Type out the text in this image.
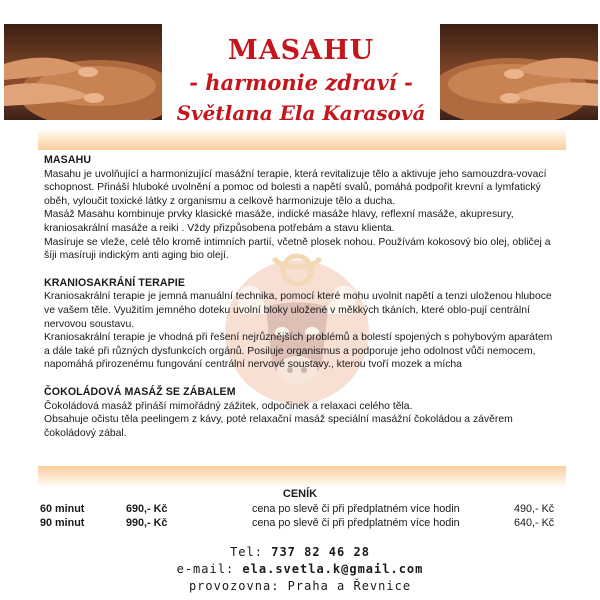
MASAHU
- harmonie zdraví -
Světlana Ela Karasová
MASAHU

Masahu je uvolňující a harmonizující masážní terapie, která revitalizuje tělo a aktivuje jeho samouzdra-vovací schopnost. Přináší hluboké uvolnění a pomoc od bolesti a napětí svalů, pomáhá podpořit krevní a lymfatický oběh, vyloučit toxické látky z organismu a celkově harmonizuje tělo a ducha.

Masáž Masahu kombinuje prvky klasické masáže, indické masáže hlavy, reflexní masáže, akupresury, kraniosakrální masáže a reiki . Vždy přizpůsobena potřebám a stavu klienta.

Masíruje se vleže, celé tělo kromě intimních partií, včetně plosek nohou. Používám kokosový bio olej, obličej a šíji masíruji indickým anti aging bio olejí.

KRANIOSAKRÁNÍ TERAPIE

Kraniosakrální terapie je jemná manuální technika, pomocí které mohu uvolnit napětí a tenzi uloženou hluboce ve vašem těle. Využitím jemného doteku uvolní bloky uložené v měkkých tkáních, které oblo-pují centrální nervovou soustavu.

Kraniosakrální terapie je vhodná při řešení nejrůznějších problémů a bolestí spojených s pohybovým aparátem a dále také při různých dysfunkcích orgánů. Posiluje organismus a podporuje jeho odolnost vůči nemocem, napomáhá přirozenému fungování centrální nervové soustavy., kterou tvoří mozek a mícha

ČOKOLÁDOVÁ MASÁŽ SE ZÁBALEM

Čokoládová masáž přináší mimořádný zážitek, odpočinek a relaxaci celého těla.

Obsahuje očistu těla peelingem z kávy, poté relaxační masáž speciální masážní čokoládou a závěrem čokoládový zábal.

CENÍK
60 minut	690,- Kč	cena po slevě či při předplatném více hodin	490,- Kč
90 minut	990,- Kč	cena po slevě či při předplatném více hodin	640,- Kč
Tel: 737 82 46 28
e-mail: ela.svetla.k@gmail.com
provozovna: Praha a Řevnice
